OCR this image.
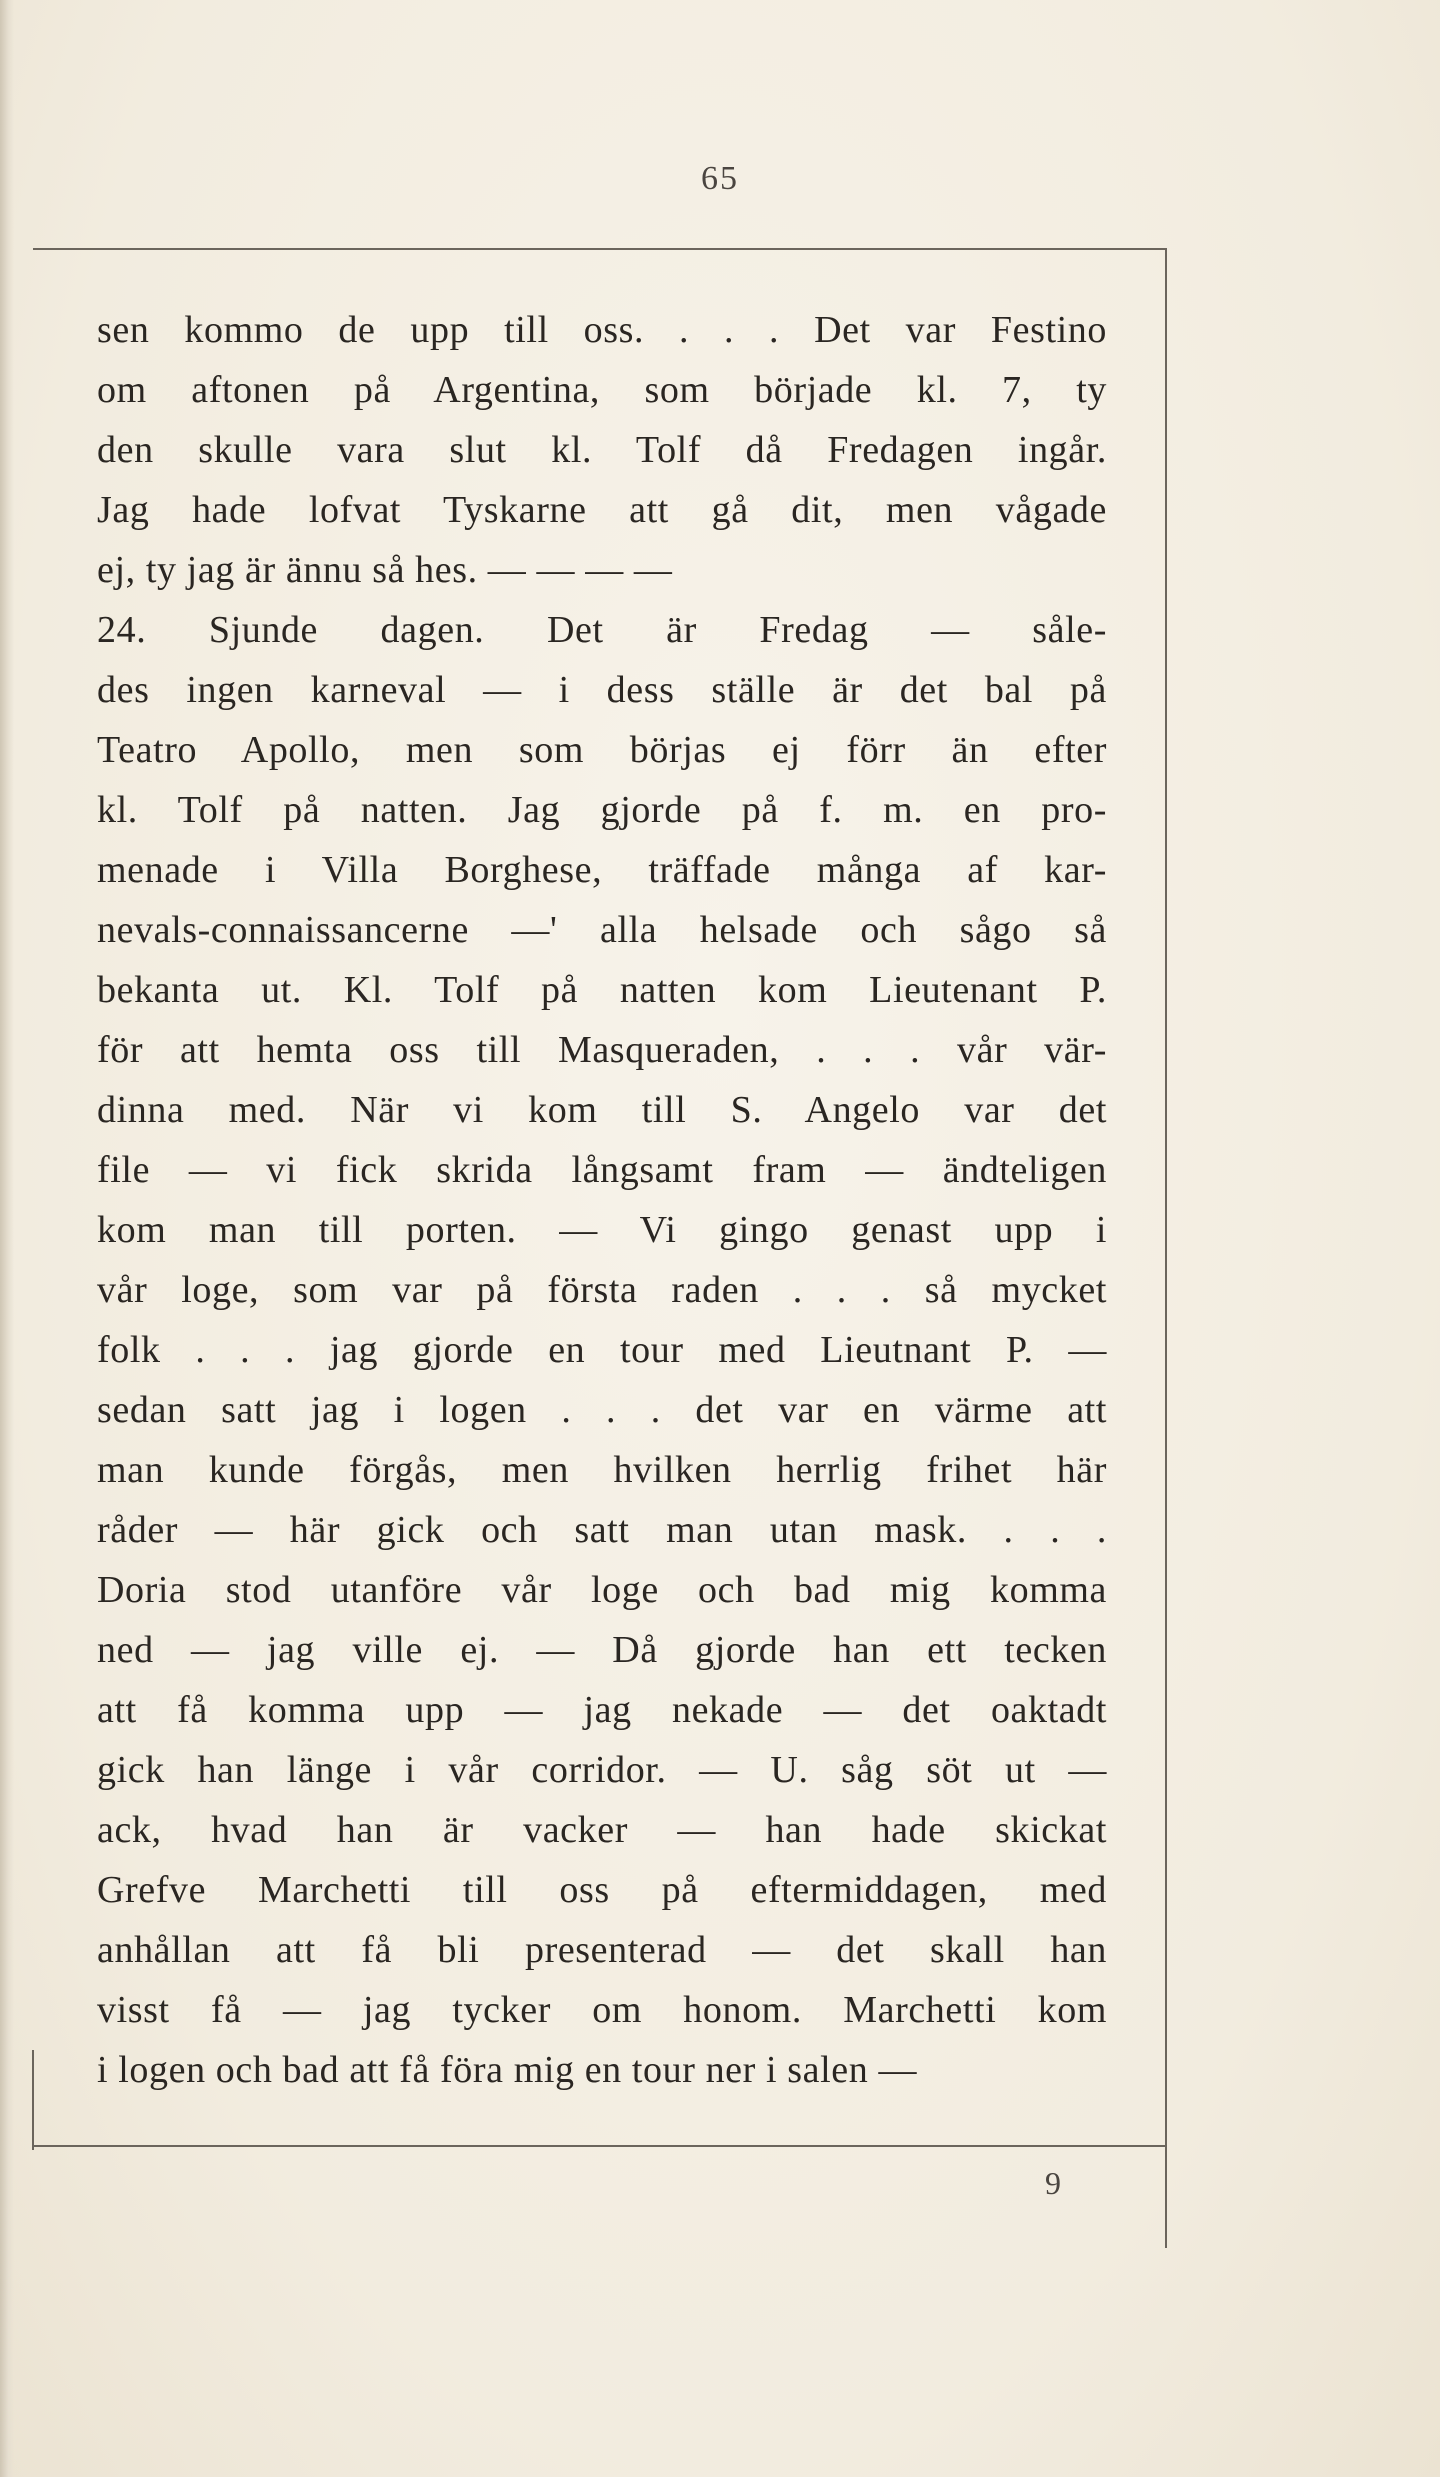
65
sen kommo de upp till oss. . . . Det var Festino
om aftonen på Argentina, som började kl. 7, ty
den skulle vara slut kl. Tolf då Fredagen ingår.
Jag hade lofvat Tyskarne att gå dit, men vågade
ej, ty jag är ännu så hes. — — — —
24. Sjunde dagen. Det är Fredag — såle-
des ingen karneval — i dess ställe är det bal på
Teatro Apollo, men som börjas ej förr än efter
kl. Tolf på natten. Jag gjorde på f. m. en pro-
menade i Villa Borghese, träffade många af kar-
nevals-connaissancerne —' alla helsade och sågo så
bekanta ut. Kl. Tolf på natten kom Lieutenant P.
för att hemta oss till Masqueraden, . . . vår vär-
dinna med. När vi kom till S. Angelo var det
file — vi fick skrida långsamt fram — ändteligen
kom man till porten. — Vi gingo genast upp i
vår loge, som var på första raden . . . så mycket
folk . . . jag gjorde en tour med Lieutnant P. —
sedan satt jag i logen . . . det var en värme att
man kunde förgås, men hvilken herrlig frihet här
råder — här gick och satt man utan mask. . . .
Doria stod utanföre vår loge och bad mig komma
ned — jag ville ej. — Då gjorde han ett tecken
att få komma upp — jag nekade — det oaktadt
gick han länge i vår corridor. — U. såg söt ut —
ack, hvad han är vacker — han hade skickat
Grefve Marchetti till oss på eftermiddagen, med
anhållan att få bli presenterad — det skall han
visst få — jag tycker om honom. Marchetti kom
i logen och bad att få föra mig en tour ner i salen —
9
